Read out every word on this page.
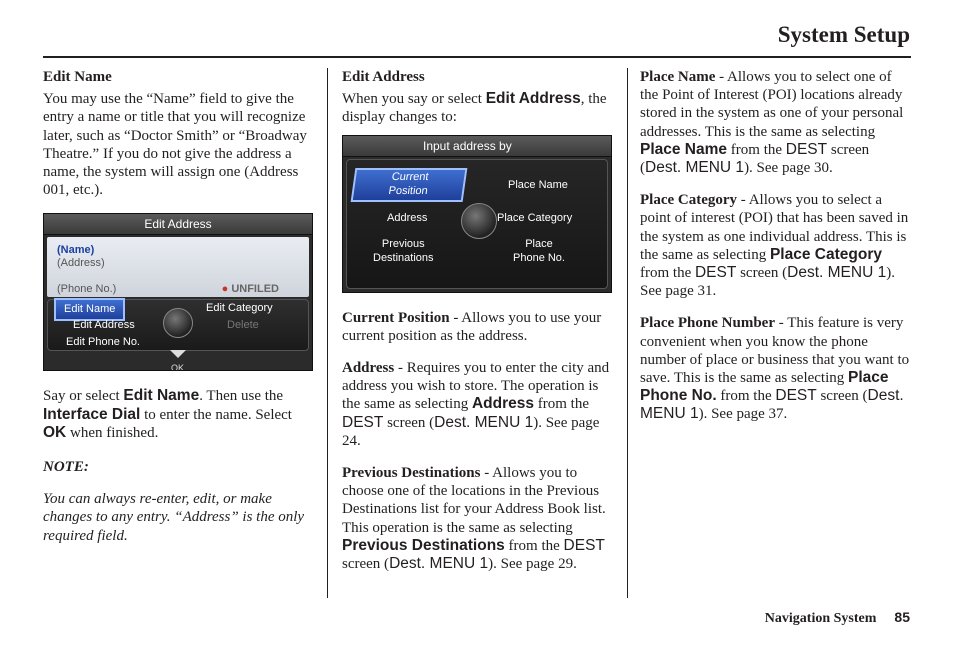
System Setup

Edit Name

You may use the “Name” field to give the entry a name or title that you will recognize later, such as “Doctor Smith” or “Broadway Theatre.” If you do not give the address a name, the system will assign one (Address 001, etc.).

Edit Address
(Name)
(Address)
(Phone No.)	● UNFILED
Edit Name	Edit Category
Edit Address	Delete
Edit Phone No.
OK

Say or select Edit Name. Then use the Interface Dial to enter the name. Select OK when finished.

NOTE:

You can always re-enter, edit, or make changes to any entry. “Address” is the only required field.

Edit Address

When you say or select Edit Address, the display changes to:

Input address by
Current
Position	Place Name
Address	Place Category
Previous
Destinations
Place
Phone No.

Current Position - Allows you to use your current position as the address.

Address - Requires you to enter the city and address you wish to store. The operation is the same as selecting Address from the DEST screen (Dest. MENU 1). See page 24.

Previous Destinations - Allows you to choose one of the locations in the Previous Destinations list for your Address Book list. This operation is the same as selecting Previous Destinations from the DEST screen (Dest. MENU 1). See page 29.

Place Name - Allows you to select one of the Point of Interest (POI) locations already stored in the system as one of your personal addresses. This is the same as selecting Place Name from the DEST screen (Dest. MENU 1). See page 30.

Place Category - Allows you to select a point of interest (POI) that has been saved in the system as one individual address. This is the same as selecting Place Category from the DEST screen (Dest. MENU 1). See page 31.

Place Phone Number - This feature is very convenient when you know the phone number of place or business that you want to save. This is the same as selecting Place Phone No. from the DEST screen (Dest. MENU 1). See page 37.

Navigation System 85
